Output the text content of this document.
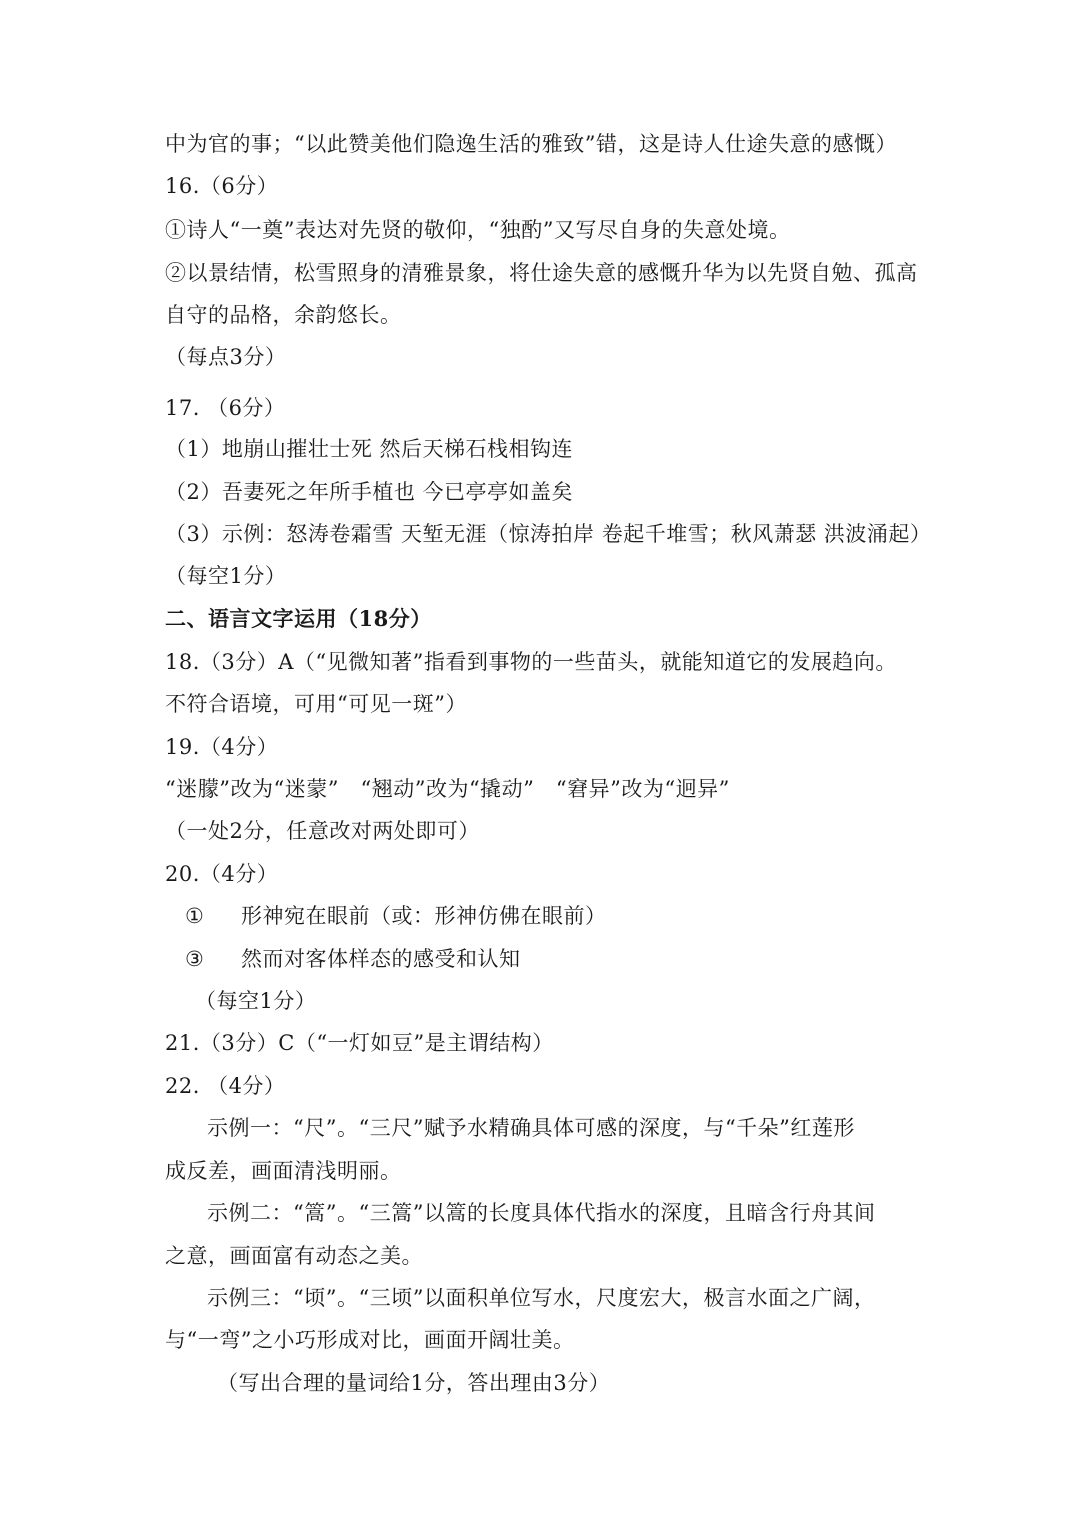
中为官的事；“以此赞美他们隐逸生活的雅致”错，这是诗人仕途失意的感慨）
16.（6分）
①诗人“一奠”表达对先贤的敬仰，“独酌”又写尽自身的失意处境。
②以景结情，松雪照身的清雅景象，将仕途失意的感慨升华为以先贤自勉、孤高
自守的品格，余韵悠长。
（每点3分）
17. （6分）
（1）地崩山摧壮士死 然后天梯石栈相钩连
（2）吾妻死之年所手植也 今已亭亭如盖矣
（3）示例：怒涛卷霜雪 天堑无涯（惊涛拍岸 卷起千堆雪；秋风萧瑟 洪波涌起）
（每空1分）
二、语言文字运用（18分）
18.（3分）A（“见微知著”指看到事物的一些苗头，就能知道它的发展趋向。
不符合语境，可用“可见一斑”）
19.（4分）
“迷朦”改为“迷蒙”   “翘动”改为“撬动”   “窘异”改为“迥异”
（一处2分，任意改对两处即可）
20.（4分）
① 形神宛在眼前（或：形神仿佛在眼前）
③ 然而对客体样态的感受和认知
（每空1分）
21.（3分）C（“一灯如豆”是主谓结构）
22. （4分）
示例一：“尺”。“三尺”赋予水精确具体可感的深度，与“千朵”红莲形
成反差，画面清浅明丽。
示例二：“篙”。“三篙”以篙的长度具体代指水的深度，且暗含行舟其间
之意，画面富有动态之美。
示例三：“顷”。“三顷”以面积单位写水，尺度宏大，极言水面之广阔，
与“一弯”之小巧形成对比，画面开阔壮美。
（写出合理的量词给1分，答出理由3分）
